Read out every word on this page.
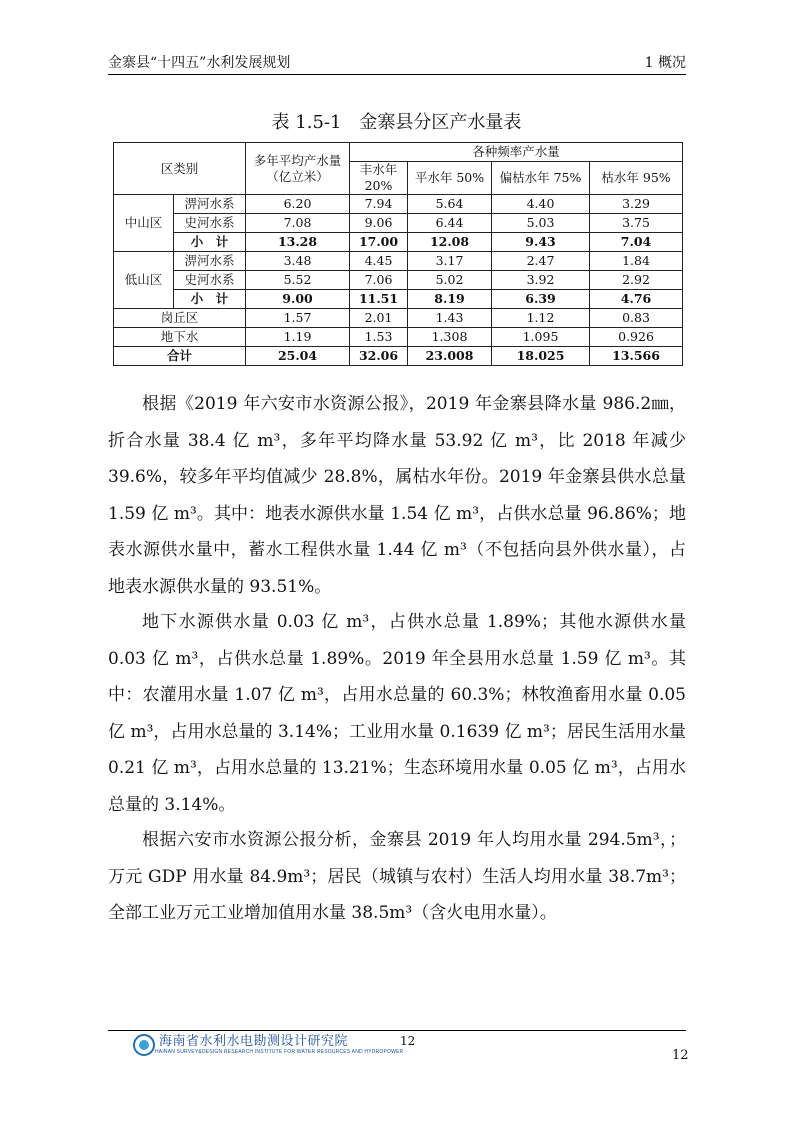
金寨县“十四五”水利发展规划	1 概况
表 1.5-1　金寨县分区产水量表
区类别		多年平均产水量（亿立米）	各种频率产水量			
			丰水年20%	平水年 50%	偏枯水年 75%	枯水年 95%
中山区	淠河水系	6.20	7.94	5.64	4.40	3.29
	史河水系	7.08	9.06	6.44	5.03	3.75
	小　计	13.28	17.00	12.08	9.43	7.04
低山区	淠河水系	3.48	4.45	3.17	2.47	1.84
	史河水系	5.52	7.06	5.02	3.92	2.92
	小　计	9.00	11.51	8.19	6.39	4.76
岗丘区		1.57	2.01	1.43	1.12	0.83
地下水		1.19	1.53	1.308	1.095	0.926
合计		25.04	32.06	23.008	18.025	13.566

根据《2019 年六安市水资源公报》，2019 年金寨县降水量 986.2㎜，折合水量 38.4 亿 m³，多年平均降水量 53.92 亿 m³，比 2018 年减少 39.6%，较多年平均值减少 28.8%，属枯水年份。2019 年金寨县供水总量 1.59 亿 m³。其中：地表水源供水量 1.54 亿 m³，占供水总量 96.86%；地表水源供水量中，蓄水工程供水量 1.44 亿 m³（不包括向县外供水量），占地表水源供水量的 93.51%。

地下水源供水量 0.03 亿 m³，占供水总量 1.89%；其他水源供水量 0.03 亿 m³，占供水总量 1.89%。2019 年全县用水总量 1.59 亿 m³。其中：农灌用水量 1.07 亿 m³，占用水总量的 60.3%；林牧渔畜用水量 0.05 亿 m³，占用水总量的 3.14%；工业用水量 0.1639 亿 m³；居民生活用水量 0.21 亿 m³，占用水总量的 13.21%；生态环境用水量 0.05 亿 m³，占用水总量的 3.14%。

根据六安市水资源公报分析，金寨县 2019 年人均用水量 294.5m³，；万元 GDP 用水量 84.9m³；居民（城镇与农村）生活人均用水量 38.7m³；全部工业万元工业增加值用水量 38.5m³（含火电用水量）。

海南省水利水电勘测设计研究院
HAINAN SURVEY&DESIGN RESEARCH INSTITUTE FOR WATER RESOURCES AND HYDROPOWER
12
12
